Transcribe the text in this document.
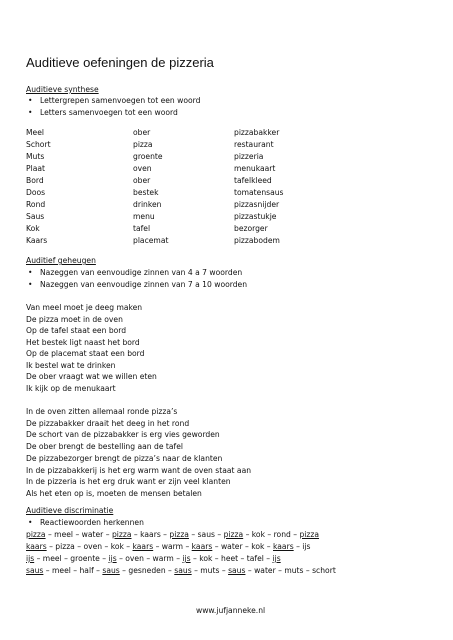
Auditieve oefeningen de pizzeria
Auditieve synthese
• Lettergrepen samenvoegen tot een woord
• Letters samenvoegen tot een woord
Meel
Schort
Muts
Plaat
Bord
Doos
Rond
Saus
Kok
Kaars
ober
pizza
groente
oven
ober
bestek
drinken
menu
tafel
placemat
pizzabakker
restaurant
pizzeria
menukaart
tafelkleed
tomatensaus
pizzasnijder
pizzastukje
bezorger
pizzabodem
Auditief geheugen
• Nazeggen van eenvoudige zinnen van 4 a 7 woorden
• Nazeggen van eenvoudige zinnen van 7 a 10 woorden
Van meel moet je deeg maken
De pizza moet in de oven
Op de tafel staat een bord
Het bestek ligt naast het bord
Op de placemat staat een bord
Ik bestel wat te drinken
De ober vraagt wat we willen eten
Ik kijk op de menukaart
In de oven zitten allemaal ronde pizza’s
De pizzabakker draait het deeg in het rond
De schort van de pizzabakker is erg vies geworden
De ober brengt de bestelling aan de tafel
De pizzabezorger brengt de pizza’s naar de klanten
In de pizzabakkerij is het erg warm want de oven staat aan
In de pizzeria is het erg druk want er zijn veel klanten
Als het eten op is, moeten de mensen betalen
Auditieve discriminatie
• Reactiewoorden herkennen
pizza – meel – water – pizza – kaars – pizza – saus – pizza – kok – rond – pizza
kaars – pizza – oven – kok – kaars – warm – kaars – water – kok – kaars – ijs
ijs – meel – groente – ijs – oven – warm – ijs – kok – heet – tafel – ijs
saus – meel – half – saus – gesneden – saus – muts – saus – water – muts – schort
www.jufjanneke.nl
